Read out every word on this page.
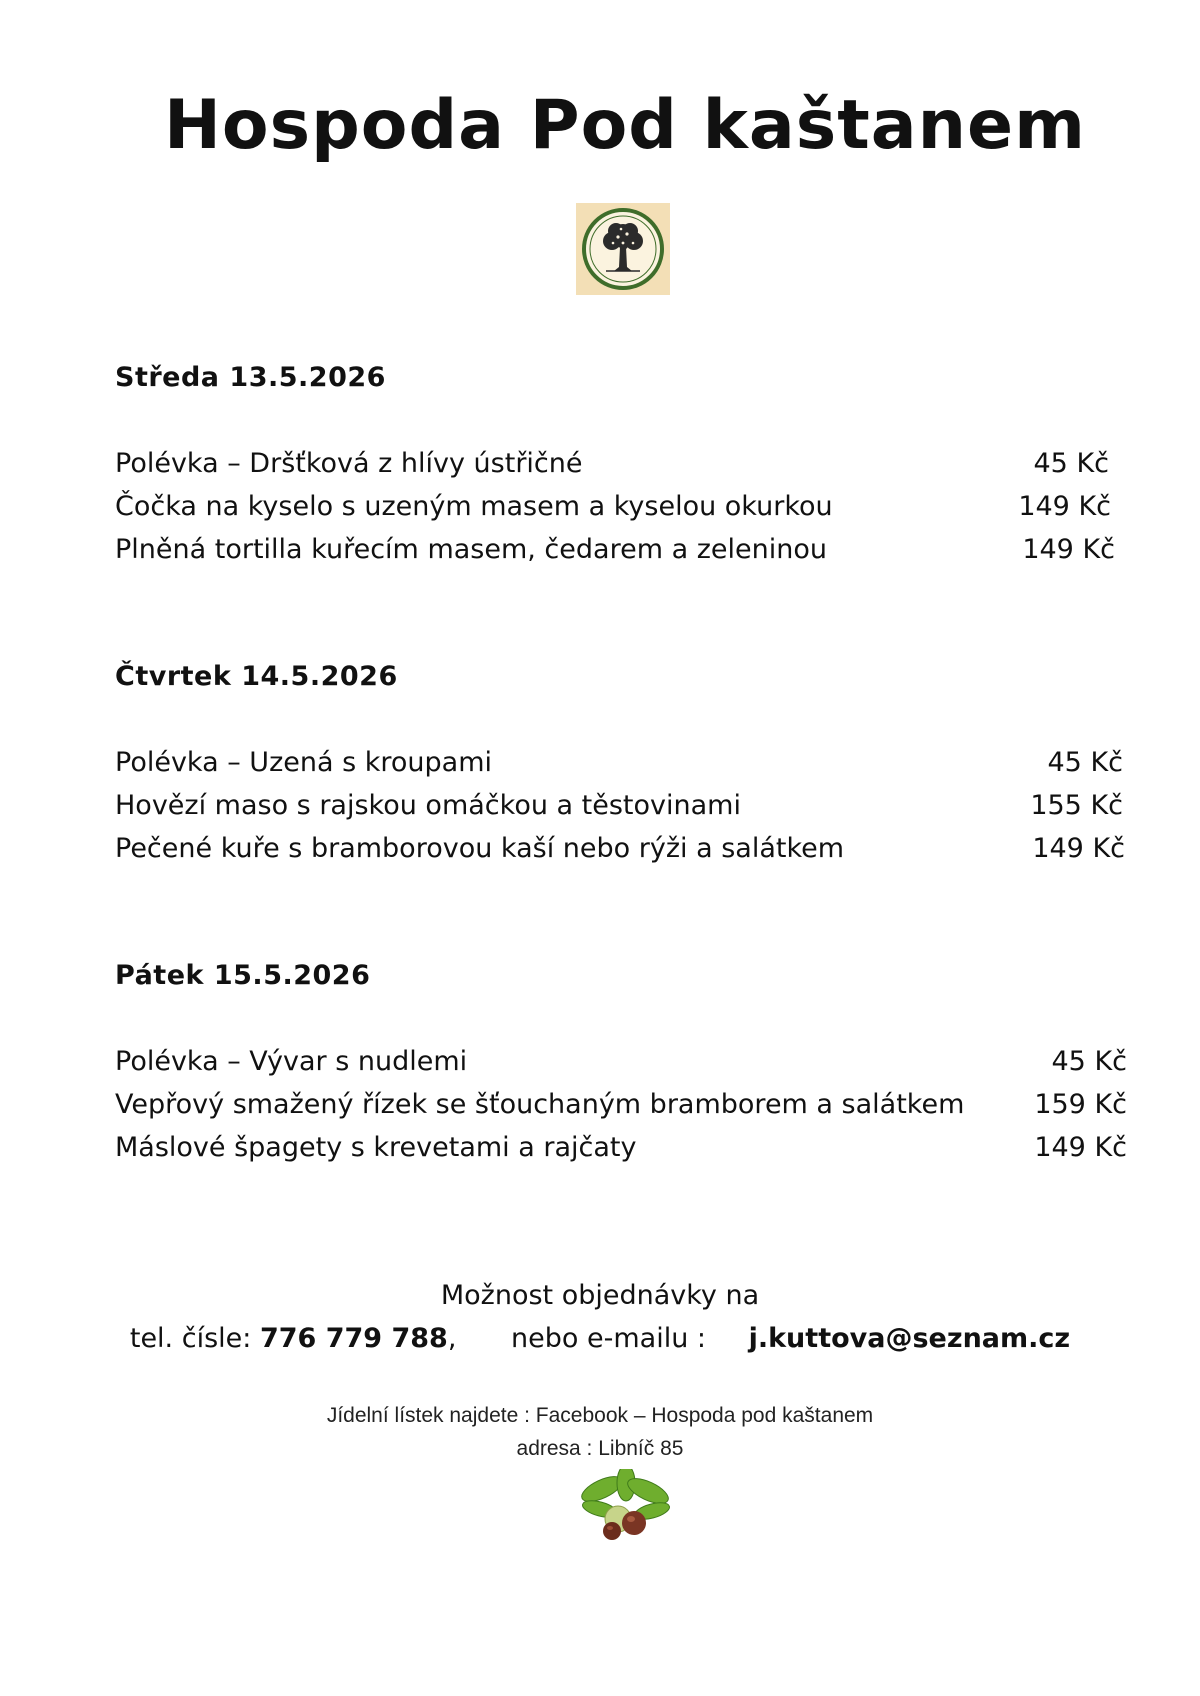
Hospoda Pod kaštanem
Středa 13.5.2026
Polévka – Dršťková z hlívy ústřičné	45 Kč
Čočka na kyselo s uzeným masem a kyselou okurkou	149 Kč
Plněná tortilla kuřecím masem, čedarem a zeleninou	149 Kč
Čtvrtek 14.5.2026
Polévka – Uzená s kroupami	45 Kč
Hovězí maso s rajskou omáčkou a těstovinami	155 Kč
Pečené kuře s bramborovou kaší nebo rýži a salátkem	149 Kč
Pátek 15.5.2026
Polévka – Vývar s nudlemi	45 Kč
Vepřový smažený řízek se šťouchaným bramborem a salátkem	159 Kč
Máslové špagety s krevetami a rajčaty	149 Kč
Možnost objednávky na
tel. čísle: 776 779 788, nebo e-mailu : j.kuttova@seznam.cz
Jídelní lístek najdete : Facebook – Hospoda pod kaštanem
adresa : Libníč 85
